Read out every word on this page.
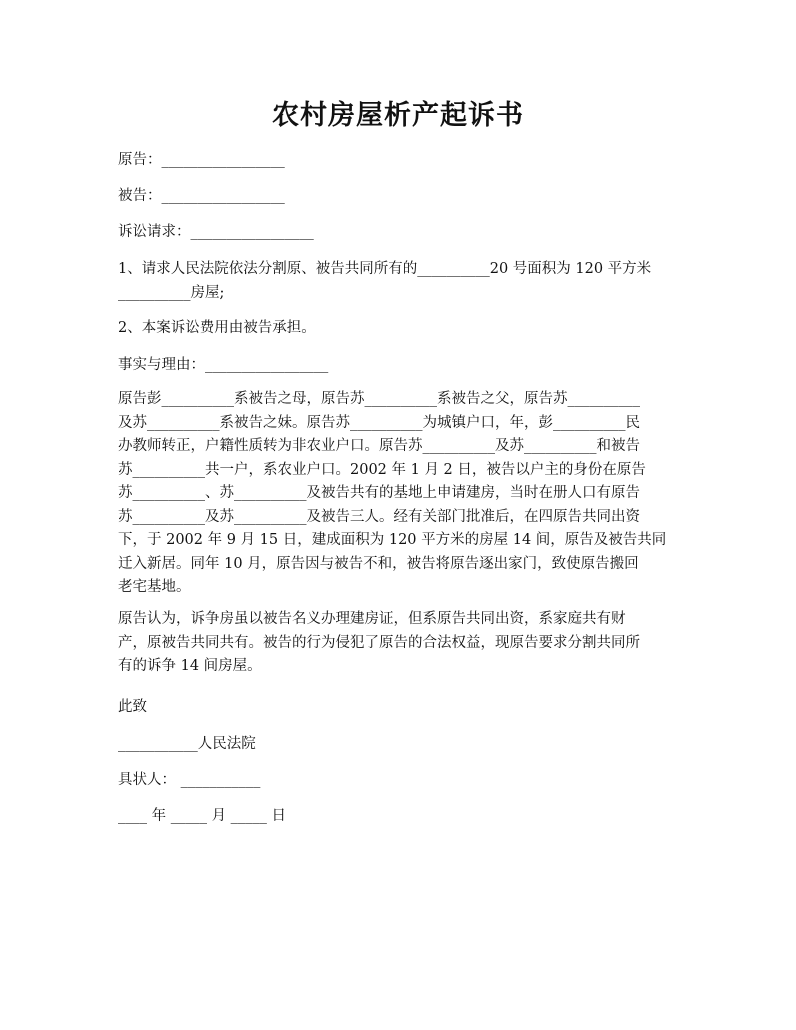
农村房屋析产起诉书

原告：_________________

被告：_________________

诉讼请求：_________________

1、请求人民法院依法分割原、被告共同所有的__________20 号面积为 120 平方米
__________房屋;

2、本案诉讼费用由被告承担。

事实与理由：_________________

原告彭__________系被告之母，原告苏__________系被告之父，原告苏__________
及苏__________系被告之妹。原告苏__________为城镇户口，年，彭__________民
办教师转正，户籍性质转为非农业户口。原告苏__________及苏__________和被告
苏__________共一户，系农业户口。2002 年 1 月 2 日，被告以户主的身份在原告
苏__________、苏__________及被告共有的基地上申请建房，当时在册人口有原告
苏__________及苏__________及被告三人。经有关部门批准后，在四原告共同出资
下，于 2002 年 9 月 15 日，建成面积为 120 平方米的房屋 14 间，原告及被告共同
迁入新居。同年 10 月，原告因与被告不和，被告将原告逐出家门，致使原告搬回
老宅基地。
原告认为，诉争房虽以被告名义办理建房证，但系原告共同出资，系家庭共有财
产，原被告共同共有。被告的行为侵犯了原告的合法权益，现原告要求分割共同所
有的诉争 14 间房屋。

此致

___________人民法院

具状人： ___________

____ 年 _____ 月 _____ 日
